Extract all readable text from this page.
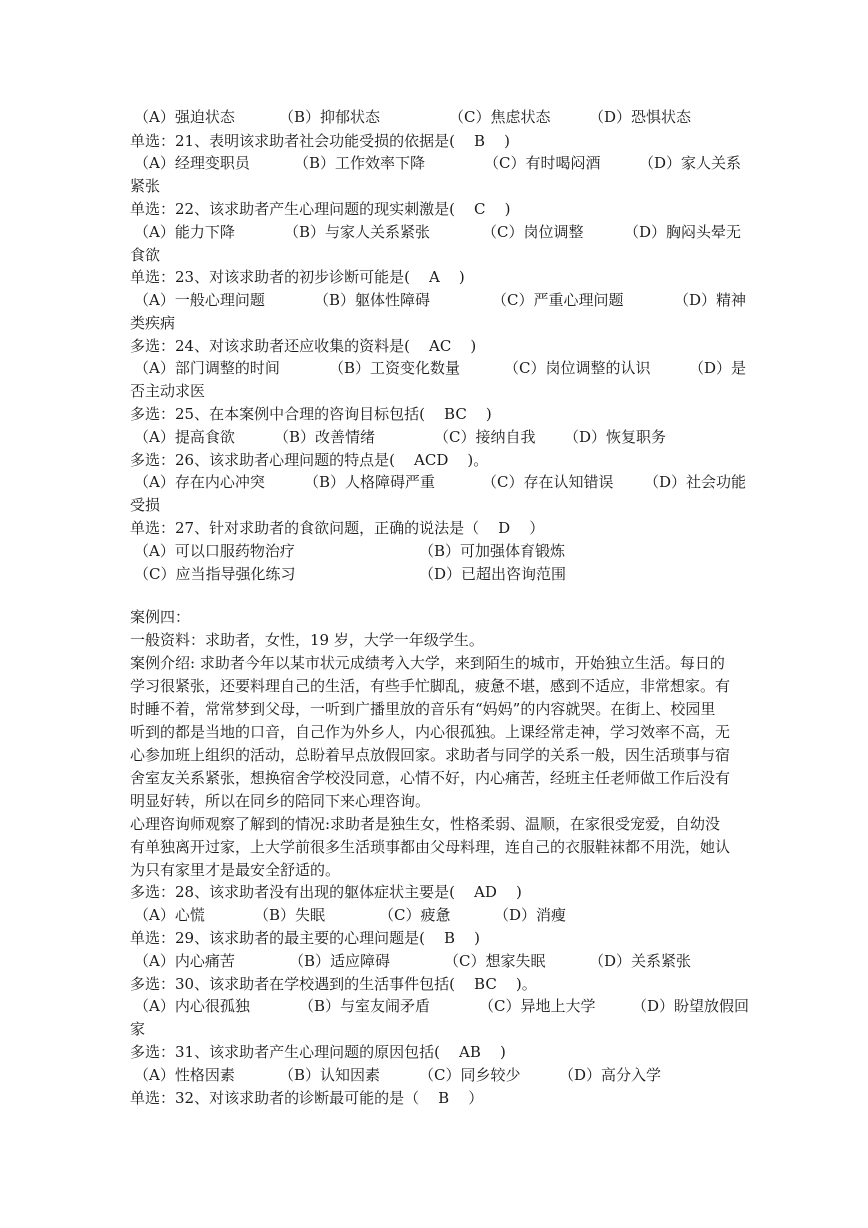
（A）强迫状态	（B）抑郁状态	（C）焦虑状态	（D）恐惧状态
单选：21、表明该求助者社会功能受损的依据是(    B    )
（A）经理变职员	（B）工作效率下降	（C）有时喝闷酒	（D）家人关系
紧张
单选：22、该求助者产生心理问题的现实刺激是(    C    )
（A）能力下降	（B）与家人关系紧张	（C）岗位调整	（D）胸闷头晕无
食欲
单选：23、对该求助者的初步诊断可能是(    A    )
（A）一般心理问题	（B）躯体性障碍	（C）严重心理问题	（D）精神
类疾病
多选：24、对该求助者还应收集的资料是(    AC    )
（A）部门调整的时间	（B）工资变化数量	（C）岗位调整的认识	（D）是
否主动求医
多选：25、在本案例中合理的咨询目标包括(    BC    )
（A）提高食欲	（B）改善情绪	（C）接纳自我 （D）恢复职务
多选：26、该求助者心理问题的特点是(    ACD    )。
（A）存在内心冲突	（B）人格障碍严重	（C）存在认知错误 （D）社会功能
受损
单选：27、针对求助者的食欲问题，正确的说法是（    D    ）
（A）可以口服药物治疗	（B）可加强体育锻炼
（C）应当指导强化练习	（D）已超出咨询范围
案例四：
一般资料：求助者，女性，19 岁，大学一年级学生。
案例介绍: 求助者今年以某市状元成绩考入大学，来到陌生的城市，开始独立生活。每日的
学习很紧张，还要料理自己的生活，有些手忙脚乱，疲惫不堪，感到不适应，非常想家。有
时睡不着，常常梦到父母，一听到广播里放的音乐有“妈妈”的内容就哭。在街上、校园里
听到的都是当地的口音，自己作为外乡人，内心很孤独。上课经常走神，学习效率不高，无
心参加班上组织的活动，总盼着早点放假回家。求助者与同学的关系一般，因生活琐事与宿
舍室友关系紧张，想换宿舍学校没同意，心情不好，内心痛苦，经班主任老师做工作后没有
明显好转，所以在同乡的陪同下来心理咨询。
心理咨询师观察了解到的情况:求助者是独生女，性格柔弱、温顺，在家很受宠爱，自幼没
有单独离开过家，上大学前很多生活琐事都由父母料理，连自己的衣服鞋袜都不用洗，她认
为只有家里才是最安全舒适的。
多选：28、该求助者没有出现的躯体症状主要是(    AD    )
（A）心慌	（B）失眠	（C）疲惫	（D）消瘦
单选：29、该求助者的最主要的心理问题是(    B    )
（A）内心痛苦	（B）适应障碍	（C）想家失眠	（D）关系紧张
多选：30、该求助者在学校遇到的生活事件包括(    BC    )。
（A）内心很孤独	（B）与室友闹矛盾	（C）异地上大学 （D）盼望放假回
家
多选：31、该求助者产生心理问题的原因包括(    AB    )
（A）性格因素	（B）认知因素	（C）同乡较少	（D）高分入学
单选：32、对该求助者的诊断最可能的是（    B    ）
